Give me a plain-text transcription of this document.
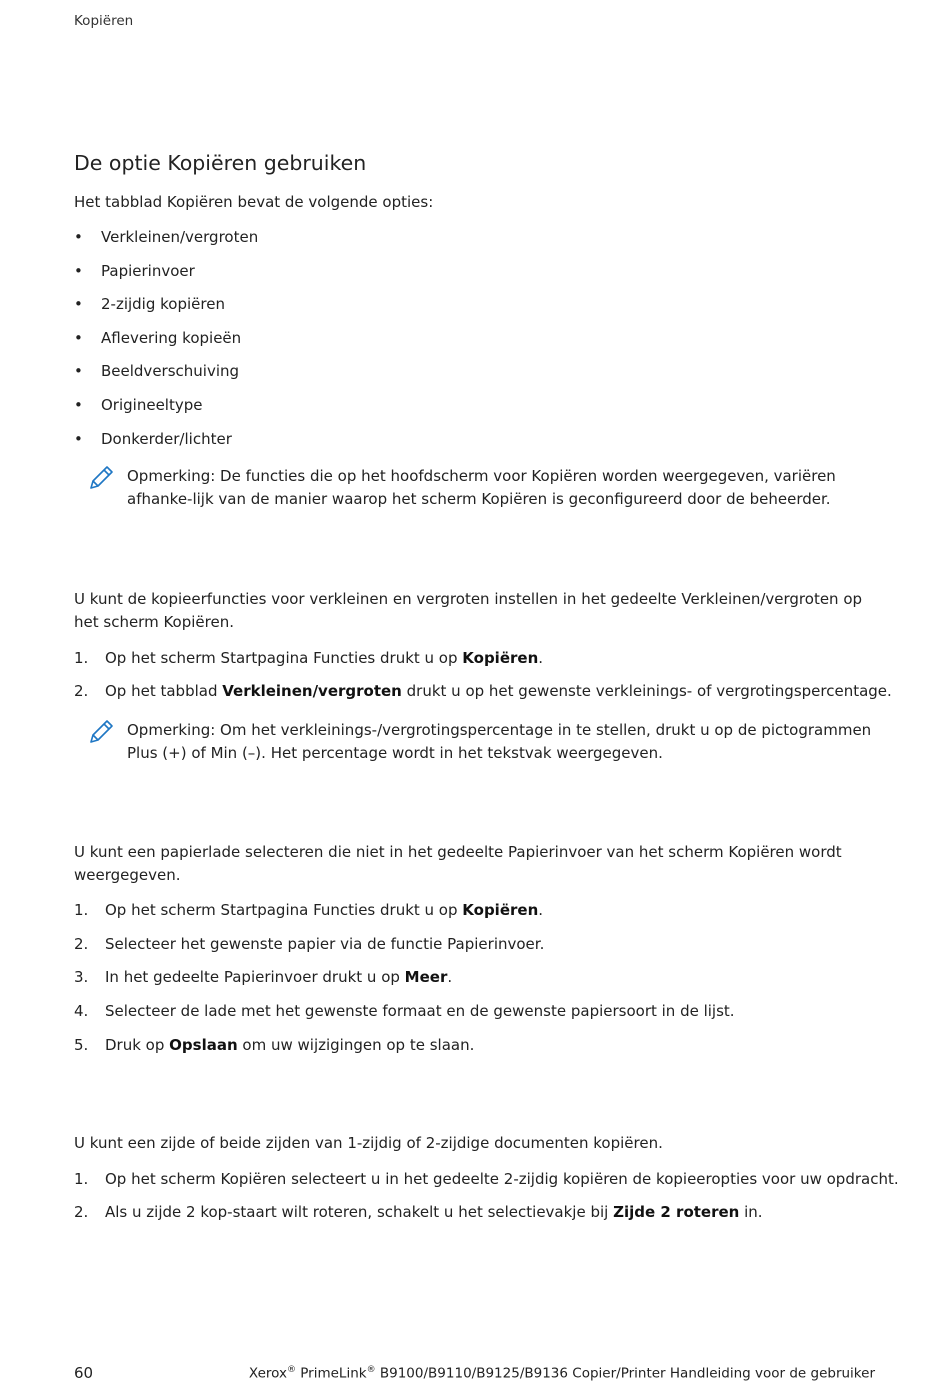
Kopiëren
De optie Kopiëren gebruiken
Het tabblad Kopiëren bevat de volgende opties:
• Verkleinen/vergroten
• Papierinvoer
• 2-zijdig kopiëren
• Aflevering kopieën
• Beeldverschuiving
• Origineeltype
• Donkerder/lichter
Opmerking: De functies die op het hoofdscherm voor Kopiëren worden weergegeven, variëren afhanke-lijk van de manier waarop het scherm Kopiëren is geconfigureerd door de beheerder.
U kunt de kopieerfuncties voor verkleinen en vergroten instellen in het gedeelte Verkleinen/vergroten op het scherm Kopiëren.
1. Op het scherm Startpagina Functies drukt u op Kopiëren.
2. Op het tabblad Verkleinen/vergroten drukt u op het gewenste verkleinings- of vergrotingspercentage.
Opmerking: Om het verkleinings-/vergrotingspercentage in te stellen, drukt u op de pictogrammen Plus (+) of Min (–). Het percentage wordt in het tekstvak weergegeven.
U kunt een papierlade selecteren die niet in het gedeelte Papierinvoer van het scherm Kopiëren wordt weergegeven.
1. Op het scherm Startpagina Functies drukt u op Kopiëren.
2. Selecteer het gewenste papier via de functie Papierinvoer.
3. In het gedeelte Papierinvoer drukt u op Meer.
4. Selecteer de lade met het gewenste formaat en de gewenste papiersoort in de lijst.
5. Druk op Opslaan om uw wijzigingen op te slaan.
U kunt een zijde of beide zijden van 1-zijdig of 2-zijdige documenten kopiëren.
1. Op het scherm Kopiëren selecteert u in het gedeelte 2-zijdig kopiëren de kopieeropties voor uw opdracht.
2. Als u zijde 2 kop-staart wilt roteren, schakelt u het selectievakje bij Zijde 2 roteren in.
60	Xerox® PrimeLink® B9100/B9110/B9125/B9136 Copier/Printer Handleiding voor de gebruiker
